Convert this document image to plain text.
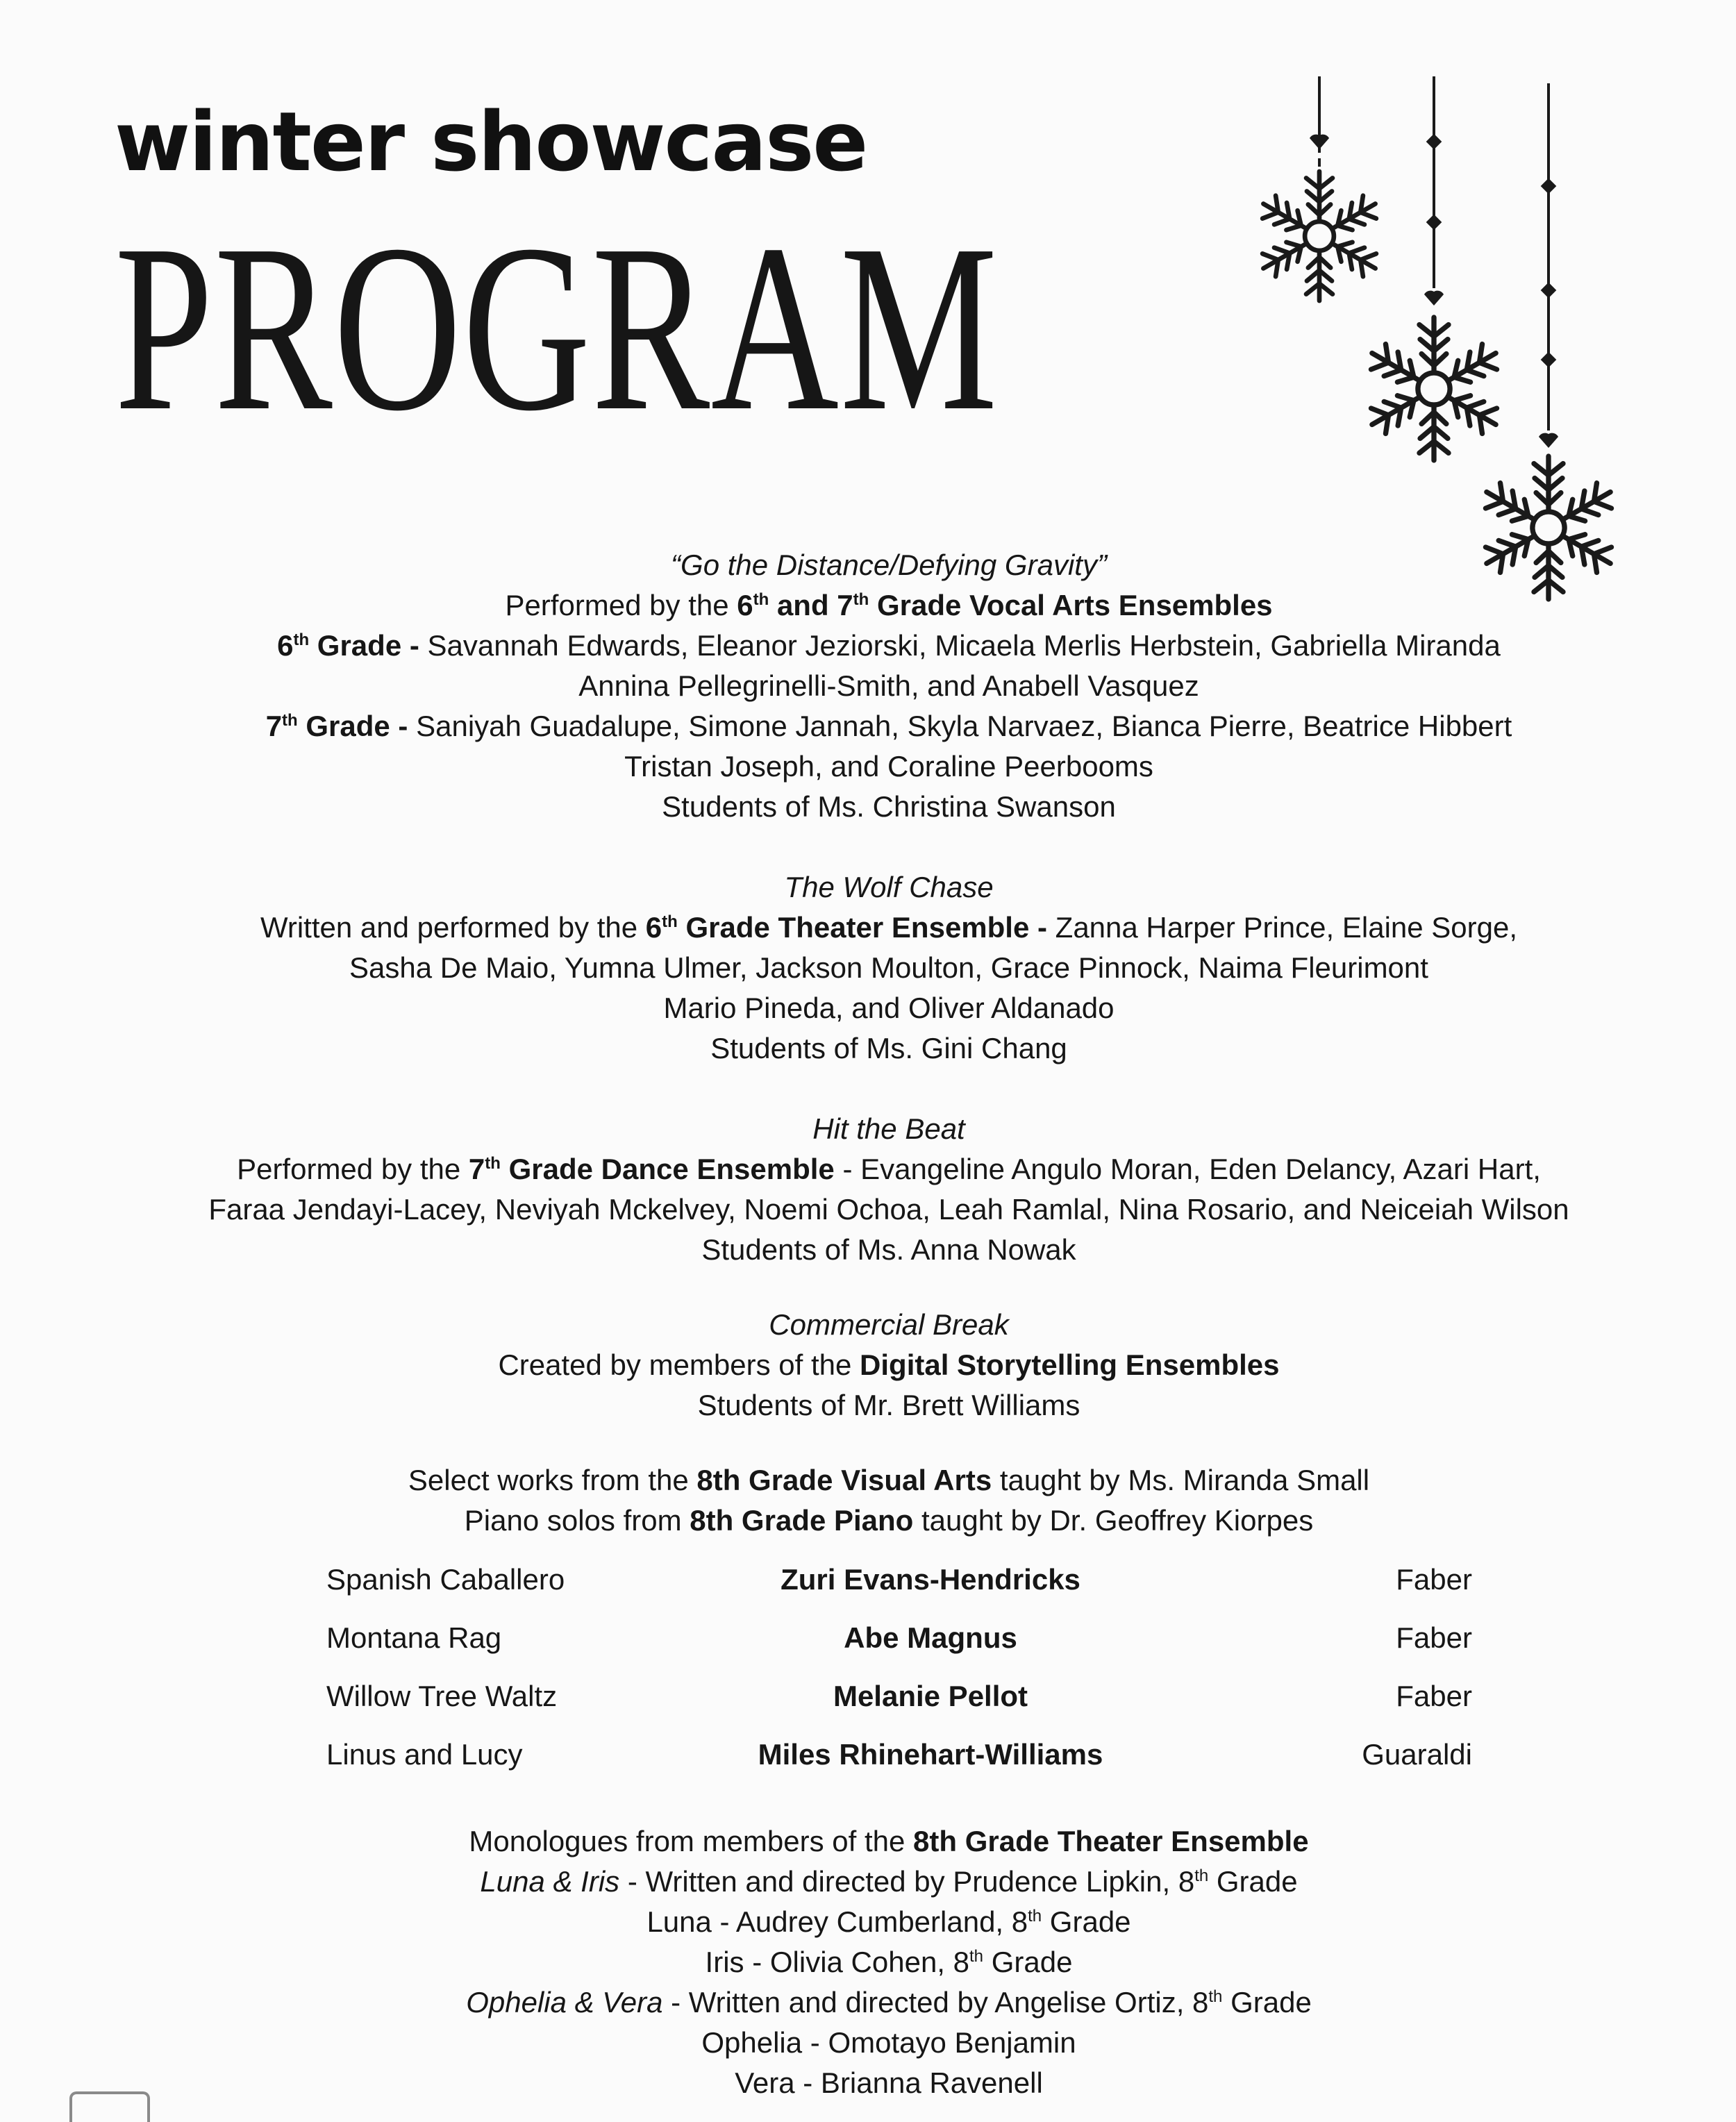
winter showcase
PROGRAM

“Go the Distance/Defying Gravity”

Performed by the 6th and 7th Grade Vocal Arts Ensembles

6th Grade - Savannah Edwards, Eleanor Jeziorski, Micaela Merlis Herbstein, Gabriella Miranda

Annina Pellegrinelli-Smith, and Anabell Vasquez

7th Grade - Saniyah Guadalupe, Simone Jannah, Skyla Narvaez, Bianca Pierre, Beatrice Hibbert

Tristan Joseph, and Coraline Peerbooms

Students of Ms. Christina Swanson

The Wolf Chase

Written and performed by the 6th Grade Theater Ensemble - Zanna Harper Prince, Elaine Sorge,

Sasha De Maio, Yumna Ulmer, Jackson Moulton, Grace Pinnock, Naima Fleurimont

Mario Pineda, and Oliver Aldanado

Students of Ms. Gini Chang

Hit the Beat

Performed by the 7th Grade Dance Ensemble - Evangeline Angulo Moran, Eden Delancy, Azari Hart,

Faraa Jendayi-Lacey, Neviyah Mckelvey, Noemi Ochoa, Leah Ramlal, Nina Rosario, and Neiceiah Wilson

Students of Ms. Anna Nowak

Commercial Break

Created by members of the Digital Storytelling Ensembles

Students of Mr. Brett Williams

Select works from the 8th Grade Visual Arts taught by Ms. Miranda Small

Piano solos from 8th Grade Piano taught by Dr. Geoffrey Kiorpes

Spanish Caballero	Zuri Evans-Hendricks	Faber
Montana Rag	Abe Magnus	Faber
Willow Tree Waltz	Melanie Pellot	Faber
Linus and Lucy	Miles Rhinehart-Williams	Guaraldi

Monologues from members of the 8th Grade Theater Ensemble

Luna & Iris - Written and directed by Prudence Lipkin, 8th Grade

Luna - Audrey Cumberland, 8th Grade

Iris - Olivia Cohen, 8th Grade

Ophelia & Vera - Written and directed by Angelise Ortiz, 8th Grade

Ophelia - Omotayo Benjamin

Vera - Brianna Ravenell
